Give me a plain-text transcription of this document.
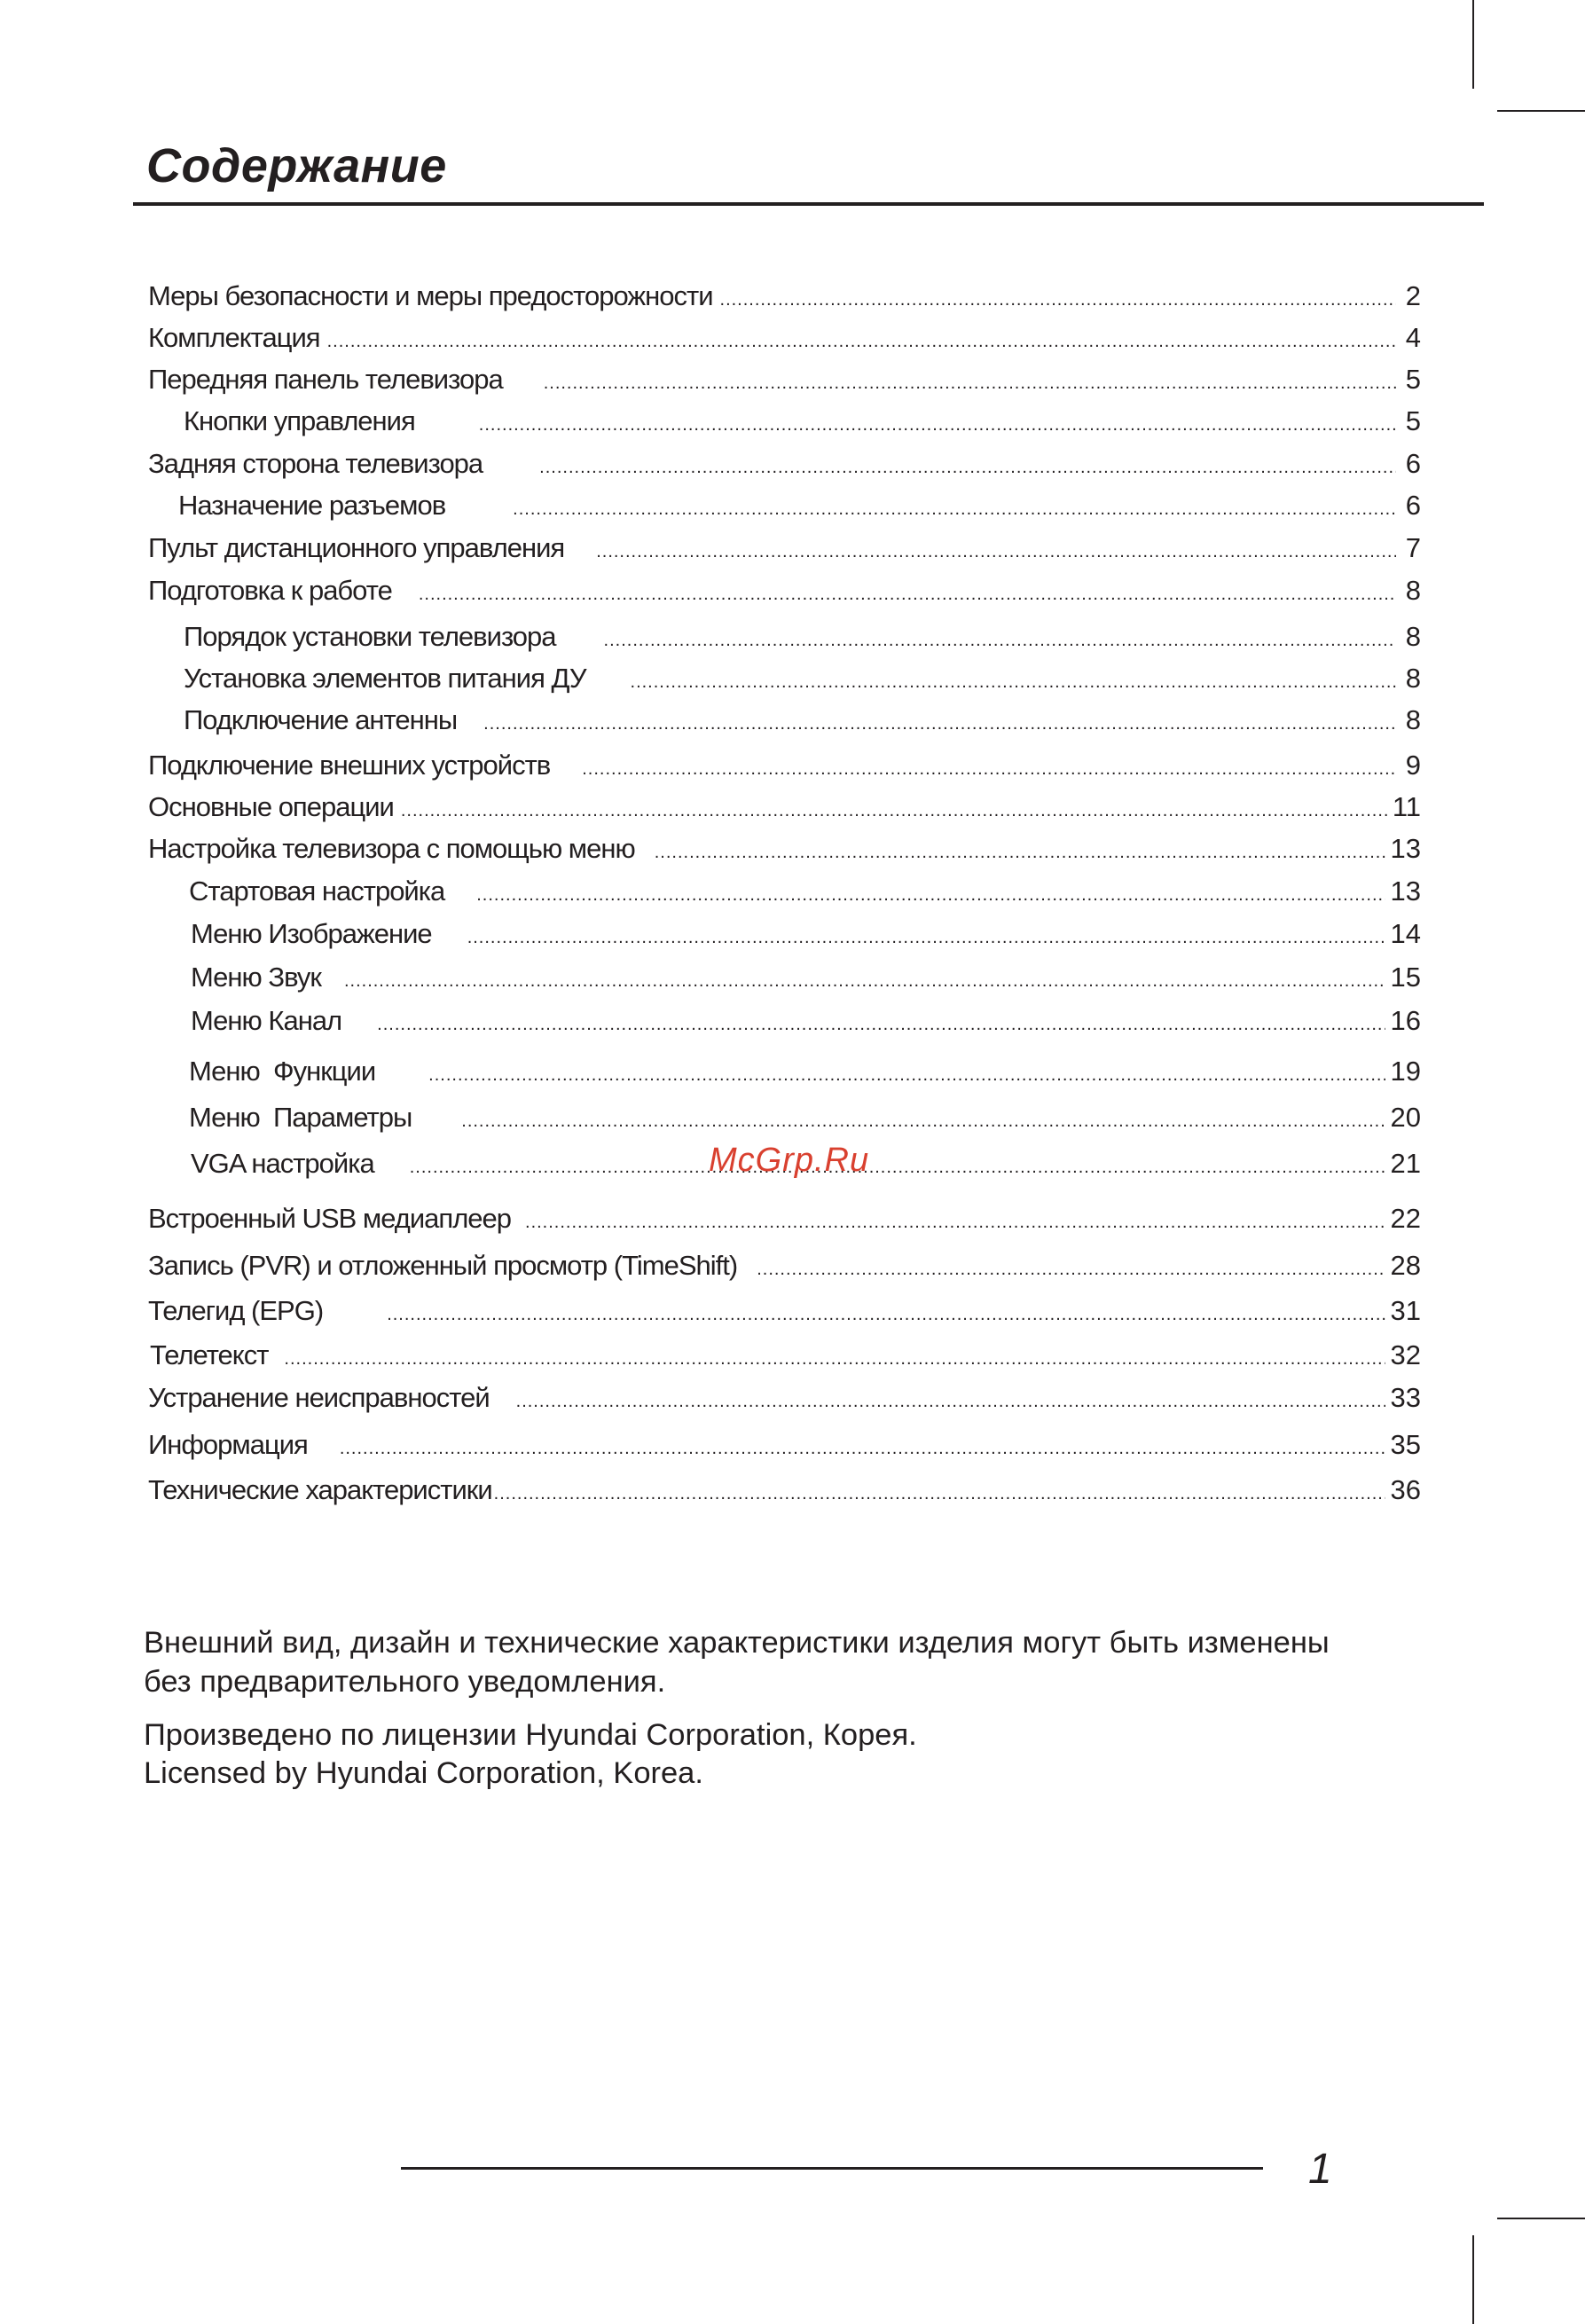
Содержание
Меры безопасности и меры предосторожности .....	2
Комплектация .....	4
Передняя панель телевизора .....	5
Кнопки управления .....	5
Задняя сторона телевизора .....	6
Назначение разъемов .....	6
Пульт дистанционного управления .....	7
Подготовка к работе .....	8
Порядок установки телевизора .....	8
Установка элементов питания ДУ .....	8
Подключение антенны .....	8
Подключение внешних устройств .....	9
Основные операции .....	11
Настройка телевизора с помощью меню .....	13
Стартовая настройка .....	13
Меню Изображение .....	14
Меню Звук .....	15
Меню Канал .....	16
Меню  Функции .....	19
Меню  Параметры .....	20
VGA настройка .....	21
Встроенный USB медиаплеер .....	22
Запись (PVR) и отложенный просмотр (TimeShift) .....	28
Телегид (EPG) .....	31
Телетекст .....	32
Устранение неисправностей .....	33
Информация .....	35
Технические характеристики .....	36
McGrp.Ru
Внешний вид, дизайн и технические характеристики изделия могут быть изменены
без предварительного уведомления.
Произведено по лицензии Hyundai Corporation, Корея.
Licensed by Hyundai Corporation, Korea.
1
